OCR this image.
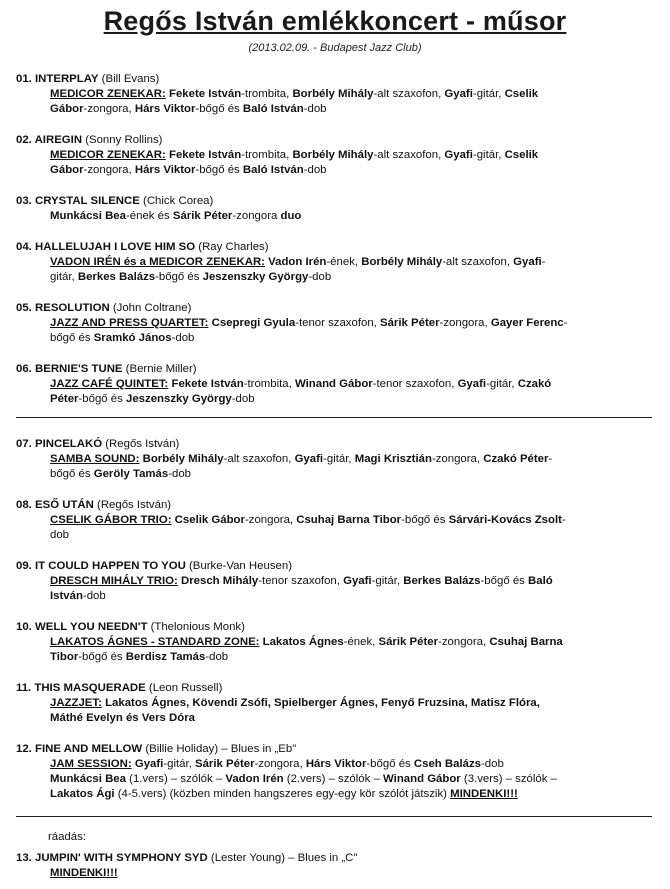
Regős István emlékkoncert - műsor
(2013.02.09. - Budapest Jazz Club)
01. INTERPLAY (Bill Evans)
MEDICOR ZENEKAR: Fekete István-trombita, Borbély Mihály-alt szaxofon, Gyafi-gitár, Cselik
Gábor-zongora, Hárs Viktor-bőgő és Baló István-dob
02. AIREGIN (Sonny Rollins)
MEDICOR ZENEKAR: Fekete István-trombita, Borbély Mihály-alt szaxofon, Gyafi-gitár, Cselik
Gábor-zongora, Hárs Viktor-bőgő és Baló István-dob
03. CRYSTAL SILENCE (Chick Corea)
Munkácsi Bea-ének és Sárik Péter-zongora duo
04. HALLELUJAH I LOVE HIM SO (Ray Charles)
VADON IRÉN és a MEDICOR ZENEKAR: Vadon Irén-ének, Borbély Mihály-alt szaxofon, Gyafi-
gitár, Berkes Balázs-bőgő és Jeszenszky György-dob
05. RESOLUTION (John Coltrane)
JAZZ AND PRESS QUARTET: Csepregi Gyula-tenor szaxofon, Sárik Péter-zongora, Gayer Ferenc-
bőgő és Sramkó János-dob
06. BERNIE'S TUNE (Bernie Miller)
JAZZ CAFÉ QUINTET: Fekete István-trombita, Winand Gábor-tenor szaxofon, Gyafi-gitár, Czakó
Péter-bőgő és Jeszenszky György-dob
07. PINCELAKÓ (Regős István)
SAMBA SOUND: Borbély Mihály-alt szaxofon, Gyafi-gitár, Magi Krisztián-zongora, Czakó Péter-
bőgő és Geröly Tamás-dob
08. ESŐ UTÁN (Regős István)
CSELIK GÁBOR TRIO: Cselik Gábor-zongora, Csuhaj Barna Tibor-bőgő és Sárvári-Kovács Zsolt-
dob
09. IT COULD HAPPEN TO YOU (Burke-Van Heusen)
DRESCH MIHÁLY TRIO: Dresch Mihály-tenor szaxofon, Gyafi-gitár, Berkes Balázs-bőgő és Baló
István-dob
10. WELL YOU NEEDN'T (Thelonious Monk)
LAKATOS ÁGNES - STANDARD ZONE: Lakatos Ágnes-ének, Sárik Péter-zongora, Csuhaj Barna
Tibor-bőgő és Berdisz Tamás-dob
11. THIS MASQUERADE (Leon Russell)
JAZZJET: Lakatos Ágnes, Kövendi Zsófi, Spielberger Ágnes, Fenyő Fruzsina, Matisz Flóra,
Máthé Evelyn és Vers Dóra
12. FINE AND MELLOW (Billie Holiday) – Blues in „Eb"
JAM SESSION: Gyafi-gitár, Sárik Péter-zongora, Hárs Viktor-bőgő és Cseh Balázs-dob
Munkácsi Bea (1.vers) – szólók – Vadon Irén (2.vers) – szólók – Winand Gábor (3.vers) – szólók –
Lakatos Ági (4-5.vers) (közben minden hangszeres egy-egy kör szólót játszik) MINDENKI!!!
13. JUMPIN' WITH SYMPHONY SYD (Lester Young) – Blues in „C"
MINDENKI!!!
ráadás:
